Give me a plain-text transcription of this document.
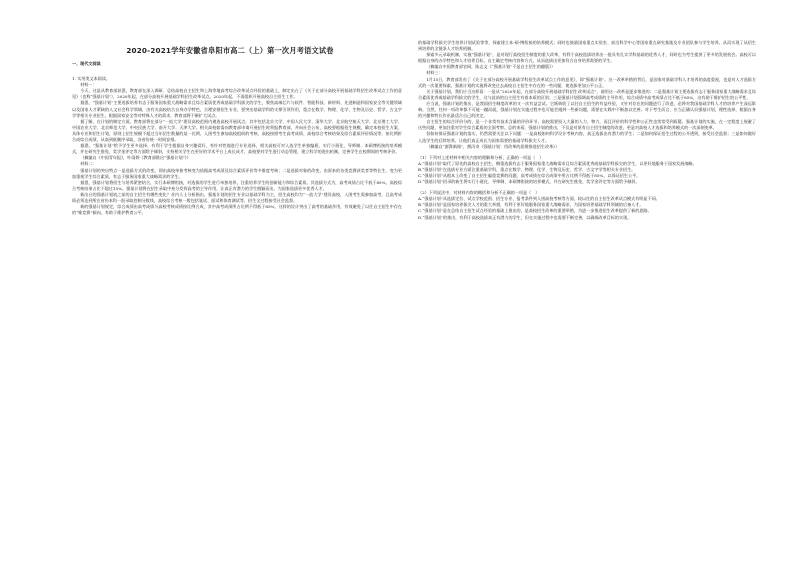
2020-2021学年安徽省阜阳市高二（上）第一次月考语文试卷

一、现代文阅读

1. 实用类文本阅读。

材料一：

今天，这是从教育部获悉，教育部在深入调研、总结高校自主招生和上海等地高考综合改革试点经验的基础上，制定出台了《关于在部分高校开展基础学科招生改革试点工作的意见》（也称“强基计划”），2020年起，在部分高校开展基础学科招生改革试点。2020年起，不再组织开展高校自主招生工作。

据悉，“强基计划”主要选拔培养有志于服务国家重大战略需求且综合素质优秀或基础学科拔尖的学生，聚焦高端芯片与软件、智能科技、新材料、先进制造和国家安全等关键领域以及国家人才紧缺的人文社会科学领域，由有关高校结合自身办学特色，合理安排招生专业，要突出基础学科的支撑引领作用，重点在数学、物理、化学、生物及历史、哲学、古文字学等相关专业招生。根据国家安全等对特殊人才的需求，教育部将不断扩大试点。

据了解，在计划的制定方面，教育部将在部分“一流大学”建设高校范围内遴选高校开展试点，其中包括北京大学、中国人民大学、清华大学、北京航空航天大学、北京理工大学、中国农业大学、北京师范大学、中央民族大学、南开大学、天津大学。相关高校如需向教育部申请开展招生时须报教育部，并向社会公布，高校要根据招生规模，确定本校招生方案、具体专业和招生计划，原则上招生规模不超过当年招生数量的某一比例。入围考生参加高校组织的考核，高校按照考生高考成绩、高校综合考核结果及综合素质评价情况等，按比例折合成综合成绩，从高到低顺序录取，各省份统一时间安排。

据悉，“强基计划”给予学生更多选择，有利于学生根据自身兴趣爱好，有针对性地进行专业选择，相关高校可对入选学生单独编班，实行小班化、导师制、本硕博衔接的培养模式，并在研究生推免、奖学金评定等方面给予倾斜，支持相关学生在更好的学术平台上成长成才，高校要对学生进行动态管理，建立科学的进出机制，完善学生在校期间的考核评价。

（摘编自《中国青年报》，叶雨婷《教育部推出“强基计划”》）

材料二：

强基计划的突出特点一是选拔方式的改变，即由高校单独考核变为依据高考成绩及综合素质评价等多维度考核；二是选拔对象的改变，由原来的各类竞赛获奖者等特长生，变为更加重视学生综合素质，有志于服务国家重大战略需求的学生。

据悉，强基计划将招生与培养紧密结合，实行本硕博衔接，对选拔的学生进行单独培养，注重培养学生的创新能力和综合素质。其选拔方式为，高考成绩占比不低于85%，高校综合考核结果占比不超过15%。强基计划将在招生录取中充分发挥高考的主导作用，让真正有潜力的学生脱颖而出，为国家选拔更多优秀人才。

新出台的强基计划较之前的自主招生有哪些变化？业内人士分析指出，强基计划的招生专业以基础学科为主，招生高校均为“一流大学”建设高校，入围考生需参加高考，且高考成绩必须达到所在省份本科一批录取控制分数线，高校综合考核一般包括笔试、面试和体育测试等，招生全过程接受社会监督。

新的强基计划规定，综合成绩由高考成绩与高校考核成绩按比例合成，其中高考成绩所占比例不得低于85%，这样的设计突出了高考的基础作用，有效避免了以往自主招生中存在的“唯竞赛”倾向，有助于维护教育公平。

的基础学科拔尖学生培养计划试验等等，探索建立本-硕-博衔接的培养模式；同时也鼓励国家重点实验室、前沿科学中心等国家重点研究基地及专业团队参与学生培养，从而实现了从招生到培养的全链条人才培养机制。

探索多元录取机制，实施“强基计划”，是对现行高校招生制度的重大改革，有利于高校选拔培养出一批具有扎实学科基础的优秀人才，同时也为考生提供了更多的发展机会。高校可以根据自身的办学特色和人才培养目标，自主确定考核内容和方式，从而选拔出更加符合自身培养需要的学生。

（摘编自中国教育部官网，陈志文《“强基计划”不是自主招生的翻版》）

材料三：

1月15日，教育部发布了《关于在部分高校开展基础学科招生改革试点工作的意见》，即“强基计划”。这一改革举措的背后，是国家对基础学科人才培养的高度重视，也是对人才选拔方式的一次重要探索。强基计划的实施将改变过去高校自主招生中存在的一些问题，使选拔更加公平公正。

关于强基计划，我们应当这样看：一是从“2020年起，在部分高校开展基础学科招生改革试点”，说明这一改革是逐步推进的；二是强基计划主要选拔有志于服务国家重大战略需求且综合素质优秀或基础学科拔尖的学生，这与此前的自主招生有着本质的区别；三是强基计划强调高考成绩的主导作用，综合成绩中高考成绩占比不低于85%，这有助于维护招生的公平性。

应当说，强基计划的推出，是我国招生制度改革的又一次有益尝试。它既吸收了以往自主招生的有益经验，又针对存在的问题进行了改进，必将对我国基础学科人才的培养产生深远影响。当然，任何一项改革都不可能一蹴而就，强基计划在实施过程中也可能会遇到一些新问题，需要在实践中不断加以完善。对于考生而言，应当正确认识强基计划，理性选择，根据自身的兴趣和特长作出最适合自己的决定。

自主招生的综合评价分的，是一个非常有技术含量的评价环节，高校需要投入大量的人力、物力，而且评价的科学性和公正性也常常受到质疑。强基计划的实施，在一定程度上规避了这些问题，更加注重对学生综合素质的全面考察。总的来看，强基计划的推出，不仅是对原有自主招生制度的改进，更是对高校人才选拔和培养模式的一次深刻变革。

但如何保证强基计划的落实，仍然需要关注以下问题：一是高校如何科学设计考核内容，真正选拔出有潜力的学生；二是如何保证招生过程的公开透明，接受社会监督；三是如何做好入选学生的后续培养，让他们真正成长为国家需要的基础学科拔尖人才。

（摘编自“澎湃新闻”，熊丙奇《强基计划：用改革的思维推进招生改革》）

（1）下列对上述材料中相关内容的理解和分析，正确的一项是（　）

A.“强基计划”取代了原先的高校自主招生，侧重选拔有志于服务国家重大战略需求且综合素质优秀或基础学科拔尖的学生，以更好地服务于国家发展战略。

B.“强基计划”在选拔专业方面注重基础学科，重点在数学、物理、化学、生物及历史、哲学、古文字学等相关专业招生。

C.“强基计划”从根本上改变了自主招生偏重竞赛的问题，高考成绩在综合成绩中所占比例不得低于85%，以保证招生公平。

D.“强基计划”招录的新生将实行小班化、导师制、本硕博衔接的培养模式，并在研究生推免、奖学金评定等方面给予倾斜。

（2）下列说法中，对材料内容的概括和分析不正确的一项是（　）

A.“强基计划”从选拔定位、试点学校范围、招生专业、报考条件到人围高校考核等方面，较以往的自主招生改革试点模式有明显不同。

B.“强基计划”是国家培养拔尖人才的重大举措，有利于更好地服务国家重大战略需求，为国家培养基础学科领域的后备人才。

C.“强基计划”是在总结自主招生试点经验的基础上推出的，是高校招生改革的重要举措，为进一步推进招生改革提供了新的思路。

D.“强基计划”的推出，有利于高校选拔真正有潜力的学生，但在实施过程中也需要不断完善，以确保改革目标的实现。
